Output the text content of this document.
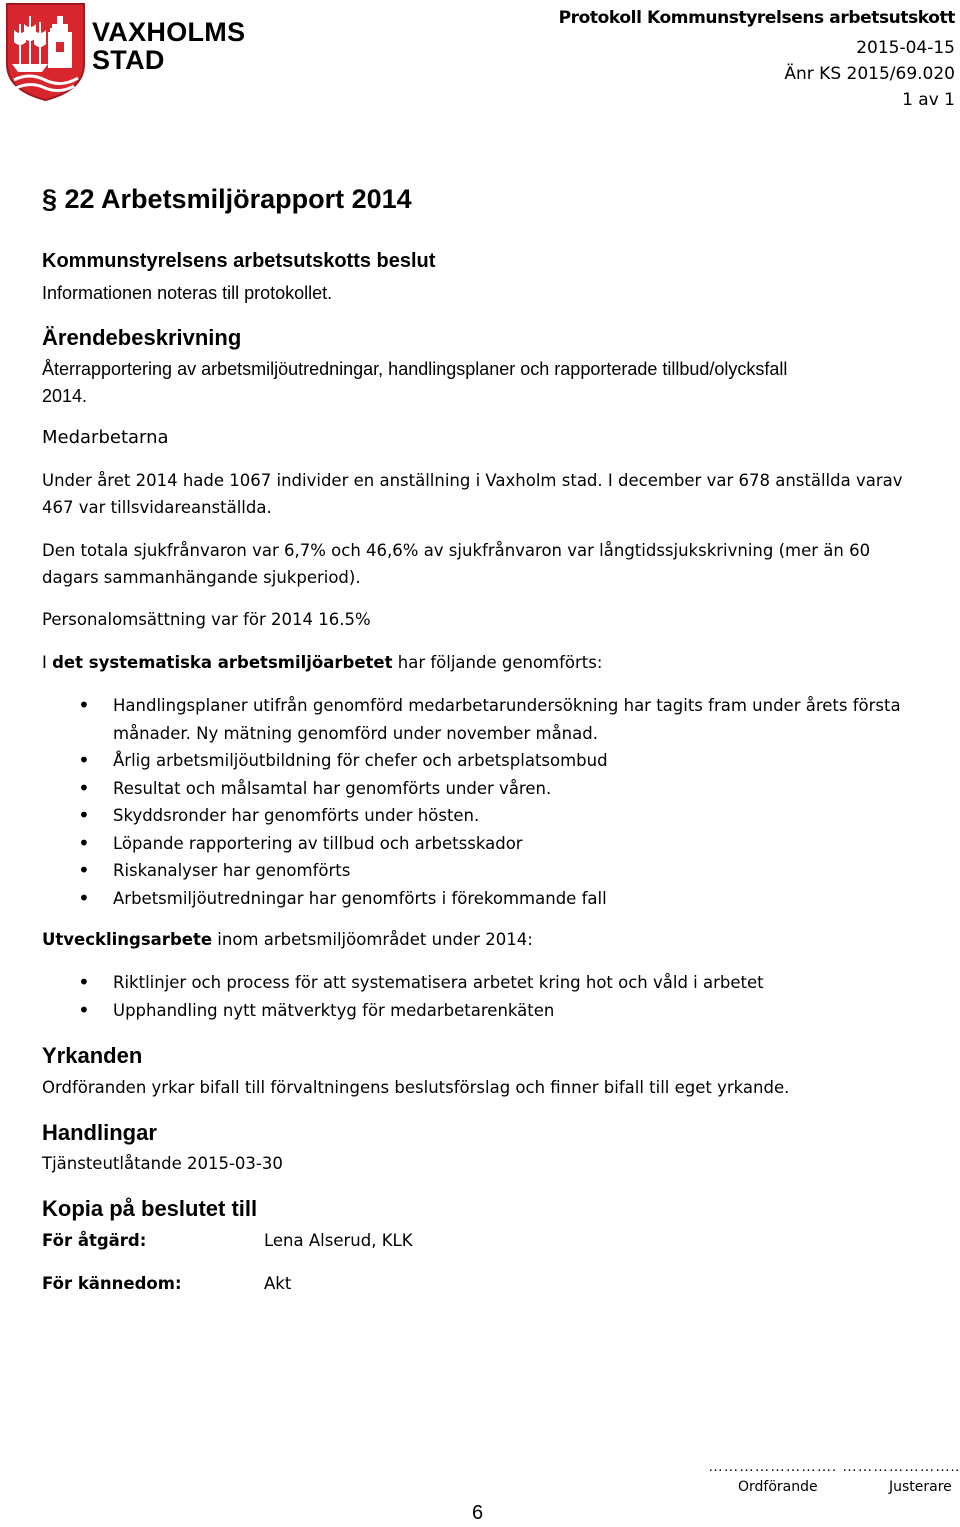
VAXHOLMS
STAD
Protokoll Kommunstyrelsens arbetsutskott
2015-04-15
Änr KS 2015/69.020
1 av 1
§ 22 Arbetsmiljörapport 2014
Kommunstyrelsens arbetsutskotts beslut
Informationen noteras till protokollet.
Ärendebeskrivning
Återrapportering av arbetsmiljöutredningar, handlingsplaner och rapporterade tillbud/olycksfall
2014.
Medarbetarna
Under året 2014 hade 1067 individer en anställning i Vaxholm stad. I december var 678 anställda varav
467 var tillsvidareanställda.
Den totala sjukfrånvaron var 6,7% och 46,6% av sjukfrånvaron var långtidssjukskrivning (mer än 60
dagars sammanhängande sjukperiod).
Personalomsättning var för 2014 16.5%
I det systematiska arbetsmiljöarbetet har följande genomförts:
• Handlingsplaner utifrån genomförd medarbetarundersökning har tagits fram under årets första månader. Ny mätning genomförd under november månad.
• Årlig arbetsmiljöutbildning för chefer och arbetsplatsombud
• Resultat och målsamtal har genomförts under våren.
• Skyddsronder har genomförts under hösten.
• Löpande rapportering av tillbud och arbetsskador
• Riskanalyser har genomförts
• Arbetsmiljöutredningar har genomförts i förekommande fall
Utvecklingsarbete inom arbetsmiljöområdet under 2014:
• Riktlinjer och process för att systematisera arbetet kring hot och våld i arbetet
• Upphandling nytt mätverktyg för medarbetarenkäten
Yrkanden
Ordföranden yrkar bifall till förvaltningens beslutsförslag och finner bifall till eget yrkande.
Handlingar
Tjänsteutlåtande 2015-03-30
Kopia på beslutet till
För åtgärd:	Lena Alserud, KLK
För kännedom:	Akt
……………………. …………………..
Ordförande	Justerare
6
